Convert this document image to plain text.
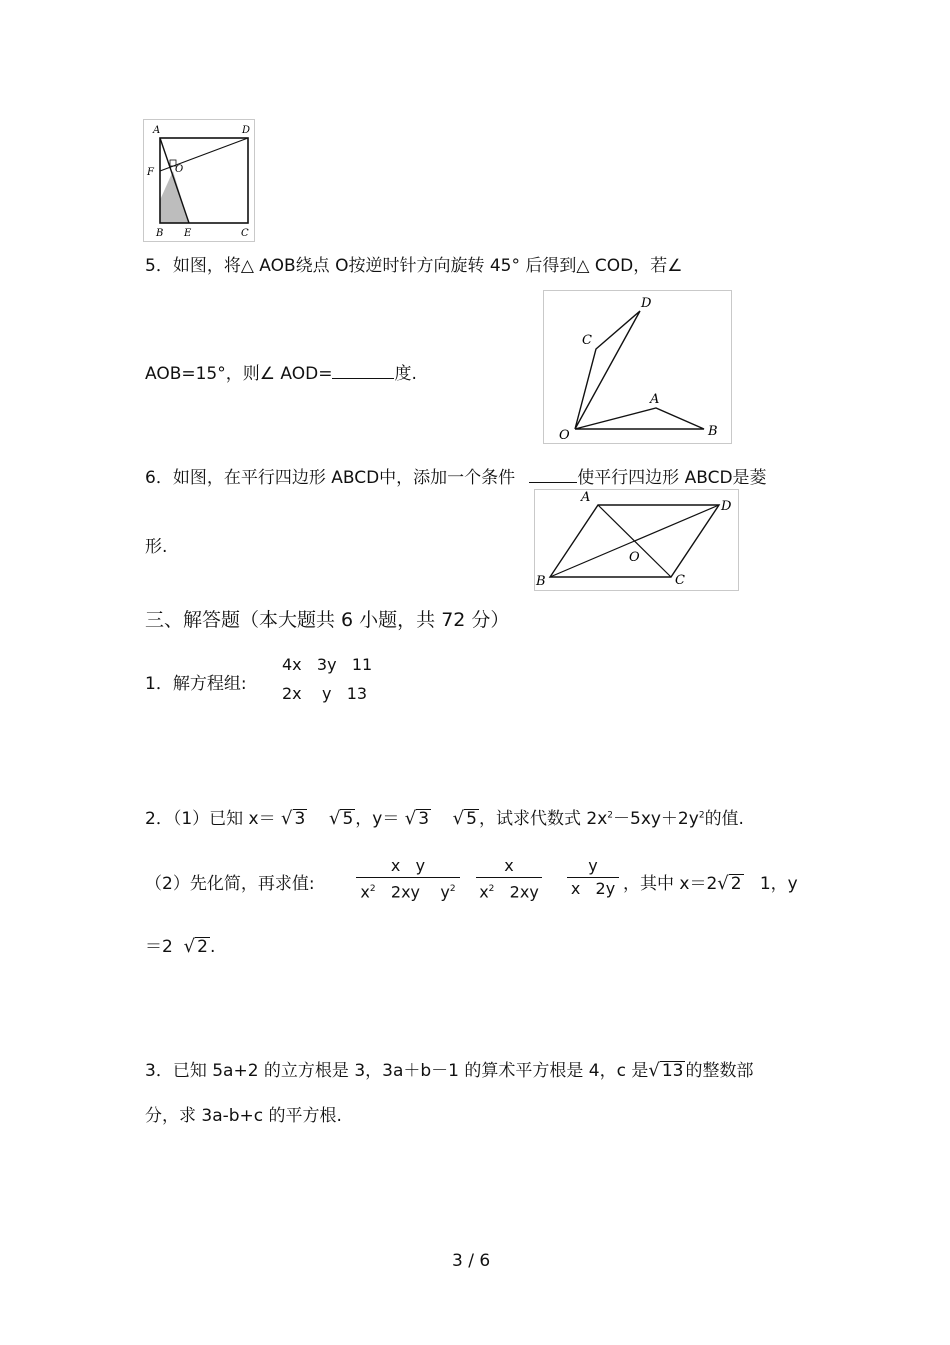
A	D
F O
B E	C
5．如图，将△ AOB绕点 O按逆时针方向旋转 45° 后得到△ COD，若∠
AOB=15°，则∠ AOD=	度.
D
C
A
O	B
6．如图，在平行四边形 ABCD中，添加一个条件	使平行四边形 ABCD是菱
形.
A
D
O
B	C
三、解答题（本大题共 6 小题，共 72 分）
1．解方程组:
4x   3y   11
2x    y   13
2．（1）已知 x＝ √ 3
√ 5 ，y＝ √ 3
√ 5 ，试求代数式 $2x^2-5xy+2y^2$的值.
（2）先化简，再求值:
x   y
$x^2$ 2xy    $y^2$
x
$x^2$ 2xy
y
x   2y ，其中 x＝2 √ 2 1，y
＝2 √ 2 .
3．已知 5a+2 的立方根是 3，3a＋b－1 的算术平方根是 4，c 是 √ 13 的整数部
分，求 3a-b+c 的平方根.
3 / 6
